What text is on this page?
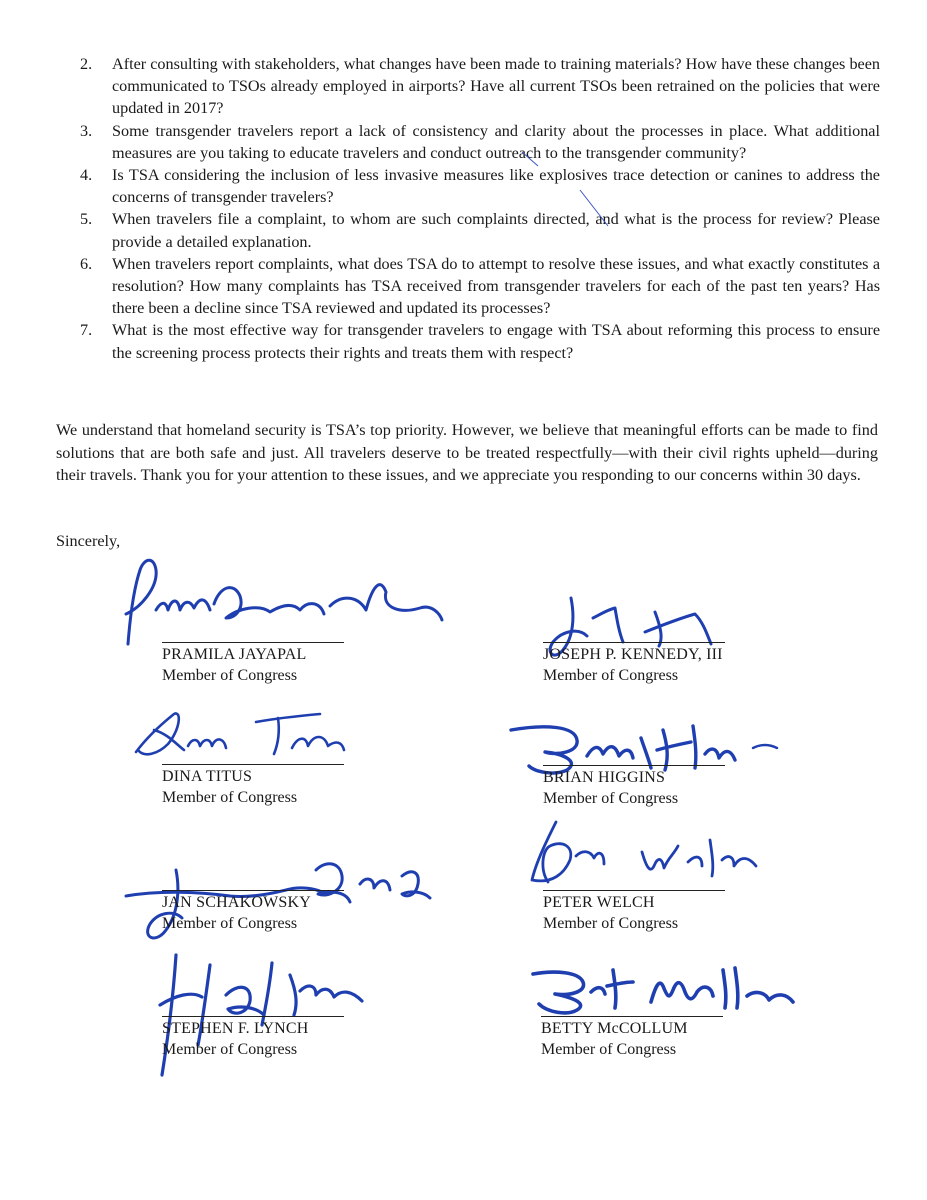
2. After consulting with stakeholders, what changes have been made to training materials? How have these changes been communicated to TSOs already employed in airports? Have all current TSOs been retrained on the policies that were updated in 2017?
3. Some transgender travelers report a lack of consistency and clarity about the processes in place. What additional measures are you taking to educate travelers and conduct outreach to the transgender community?
4. Is TSA considering the inclusion of less invasive measures like explosives trace detection or canines to address the concerns of transgender travelers?
5. When travelers file a complaint, to whom are such complaints directed, and what is the process for review? Please provide a detailed explanation.
6. When travelers report complaints, what does TSA do to attempt to resolve these issues, and what exactly constitutes a resolution? How many complaints has TSA received from transgender travelers for each of the past ten years? Has there been a decline since TSA reviewed and updated its processes?
7. What is the most effective way for transgender travelers to engage with TSA about reforming this process to ensure the screening process protects their rights and treats them with respect?

We understand that homeland security is TSA’s top priority. However, we believe that meaningful efforts can be made to find solutions that are both safe and just. All travelers deserve to be treated respectfully—with their civil rights upheld—during their travels. Thank you for your attention to these issues, and we appreciate you responding to our concerns within 30 days.

Sincerely,

PRAMILA JAYAPAL
Member of Congress
JOSEPH P. KENNEDY, III
Member of Congress
DINA TITUS
Member of Congress
BRIAN HIGGINS
Member of Congress
JAN SCHAKOWSKY
Member of Congress
PETER WELCH
Member of Congress
STEPHEN F. LYNCH
Member of Congress
BETTY McCOLLUM
Member of Congress
